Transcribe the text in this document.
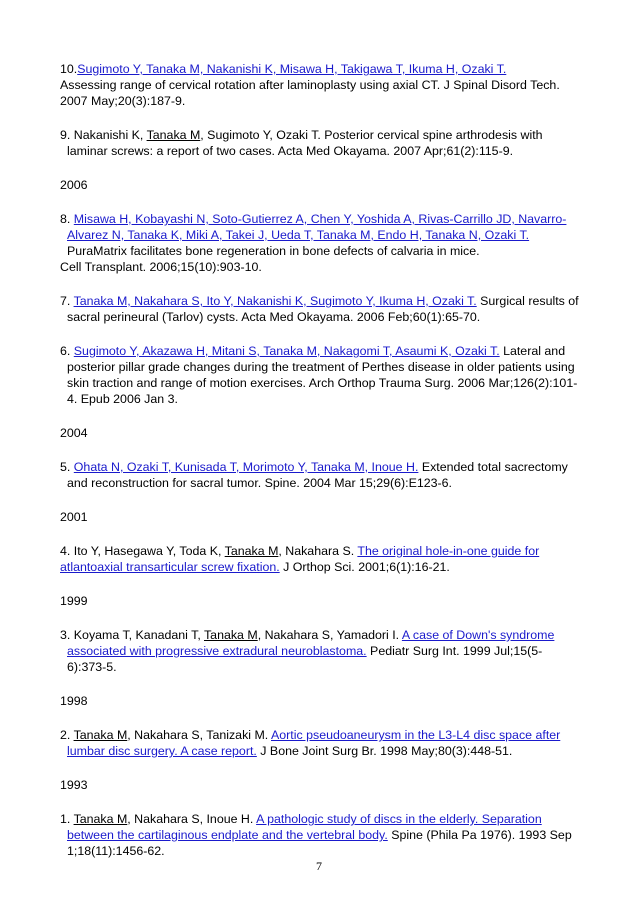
10.Sugimoto Y, Tanaka M, Nakanishi K, Misawa H, Takigawa T, Ikuma H, Ozaki T. Assessing range of cervical rotation after laminoplasty using axial CT. J Spinal Disord Tech. 2007 May;20(3):187-9.
9. Nakanishi K, Tanaka M, Sugimoto Y, Ozaki T. Posterior cervical spine arthrodesis with laminar screws: a report of two cases. Acta Med Okayama. 2007 Apr;61(2):115-9.
2006
8. Misawa H, Kobayashi N, Soto-Gutierrez A, Chen Y, Yoshida A, Rivas-Carrillo JD, Navarro-Alvarez N, Tanaka K, Miki A, Takei J, Ueda T, Tanaka M, Endo H, Tanaka N, Ozaki T. PuraMatrix facilitates bone regeneration in bone defects of calvaria in mice.
Cell Transplant. 2006;15(10):903-10.
7. Tanaka M, Nakahara S, Ito Y, Nakanishi K, Sugimoto Y, Ikuma H, Ozaki T. Surgical results of sacral perineural (Tarlov) cysts. Acta Med Okayama. 2006 Feb;60(1):65-70.
6. Sugimoto Y, Akazawa H, Mitani S, Tanaka M, Nakagomi T, Asaumi K, Ozaki T. Lateral and posterior pillar grade changes during the treatment of Perthes disease in older patients using skin traction and range of motion exercises. Arch Orthop Trauma Surg. 2006 Mar;126(2):101-4. Epub 2006 Jan 3.
2004
5. Ohata N, Ozaki T, Kunisada T, Morimoto Y, Tanaka M, Inoue H. Extended total sacrectomy and reconstruction for sacral tumor. Spine. 2004 Mar 15;29(6):E123-6.
2001
4. Ito Y, Hasegawa Y, Toda K, Tanaka M, Nakahara S. The original hole-in-one guide for atlantoaxial transarticular screw fixation. J Orthop Sci. 2001;6(1):16-21.
1999
3. Koyama T, Kanadani T, Tanaka M, Nakahara S, Yamadori I. A case of Down's syndrome associated with progressive extradural neuroblastoma. Pediatr Surg Int. 1999 Jul;15(5-6):373-5.
1998
2. Tanaka M, Nakahara S, Tanizaki M. Aortic pseudoaneurysm in the L3-L4 disc space after lumbar disc surgery. A case report. J Bone Joint Surg Br. 1998 May;80(3):448-51.
1993
1. Tanaka M, Nakahara S, Inoue H. A pathologic study of discs in the elderly. Separation between the cartilaginous endplate and the vertebral body. Spine (Phila Pa 1976). 1993 Sep 1;18(11):1456-62.
7
